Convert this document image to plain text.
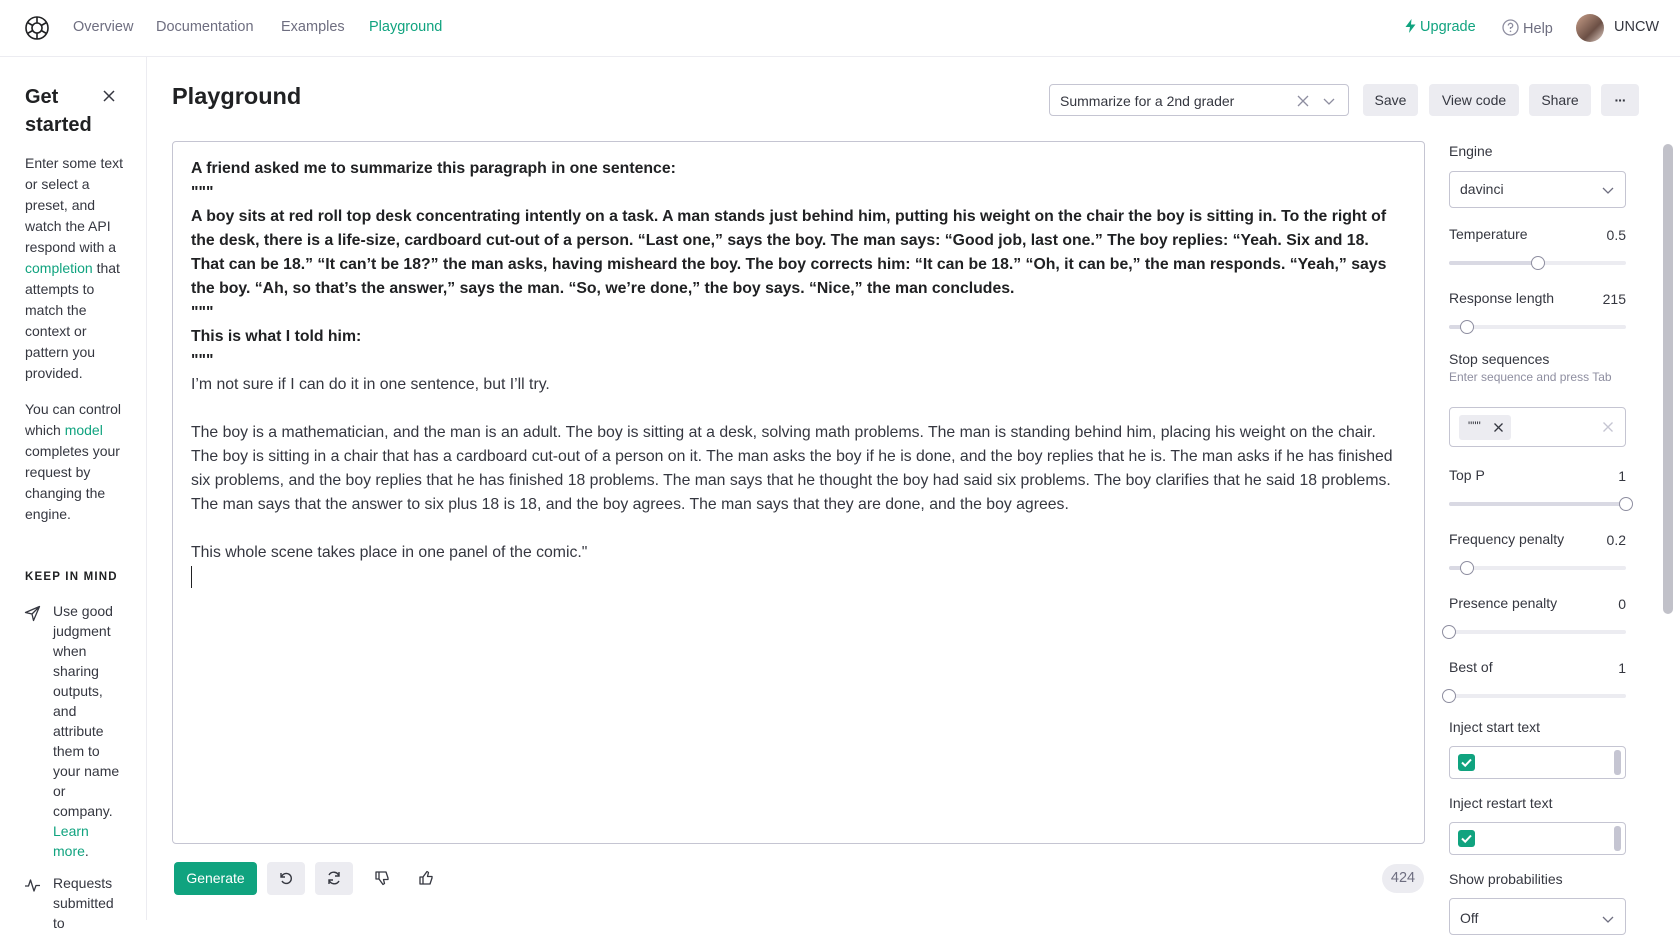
Overview Documentation Examples Playground	Upgrade	Help	UNCW
Get started
Enter some text or select a preset, and watch the API respond with a completion that attempts to match the context or pattern you provided.
You can control which model completes your request by changing the engine.
KEEP IN MIND
Use good judgment when sharing outputs, and attribute them to your name or company. Learn more.
Requests submitted to
Playground	Summarize for a 2nd grader	Save	View code	Share	···
A friend asked me to summarize this paragraph in one sentence:
"""
A boy sits at red roll top desk concentrating intently on a task. A man stands just behind him, putting his weight on the chair the boy is sitting in. To the right of the desk, there is a life-size, cardboard cut-out of a person. “Last one,” says the boy. The man says: “Good job, last one.” The boy replies: “Yeah. Six and 18. That can be 18.” “It can’t be 18?” the man asks, having misheard the boy. The boy corrects him: “It can be 18.” “Oh, it can be,” the man responds. “Yeah,” says the boy. “Ah, so that’s the answer,” says the man. “So, we’re done,” the boy says. “Nice,” the man concludes.
"""
This is what I told him:
"""
I’m not sure if I can do it in one sentence, but I’ll try.
The boy is a mathematician, and the man is an adult. The boy is sitting at a desk, solving math problems. The man is standing behind him, placing his weight on the chair. The boy is sitting in a chair that has a cardboard cut-out of a person on it. The man asks the boy if he is done, and the boy replies that he is. The man asks if he has finished six problems, and the boy replies that he has finished 18 problems. The man says that he thought the boy had said six problems. The boy clarifies that he said 18 problems. The man says that the answer to six plus 18 is 18, and the boy agrees. The man says that they are done, and the boy agrees.
This whole scene takes place in one panel of the comic."
Generate	424
Engine
davinci
Temperature	0.5
Response length	215
Stop sequences
Enter sequence and press Tab
"""
Top P	1
Frequency penalty	0.2
Presence penalty	0
Best of	1
Inject start text
Inject restart text
Show probabilities
Off
